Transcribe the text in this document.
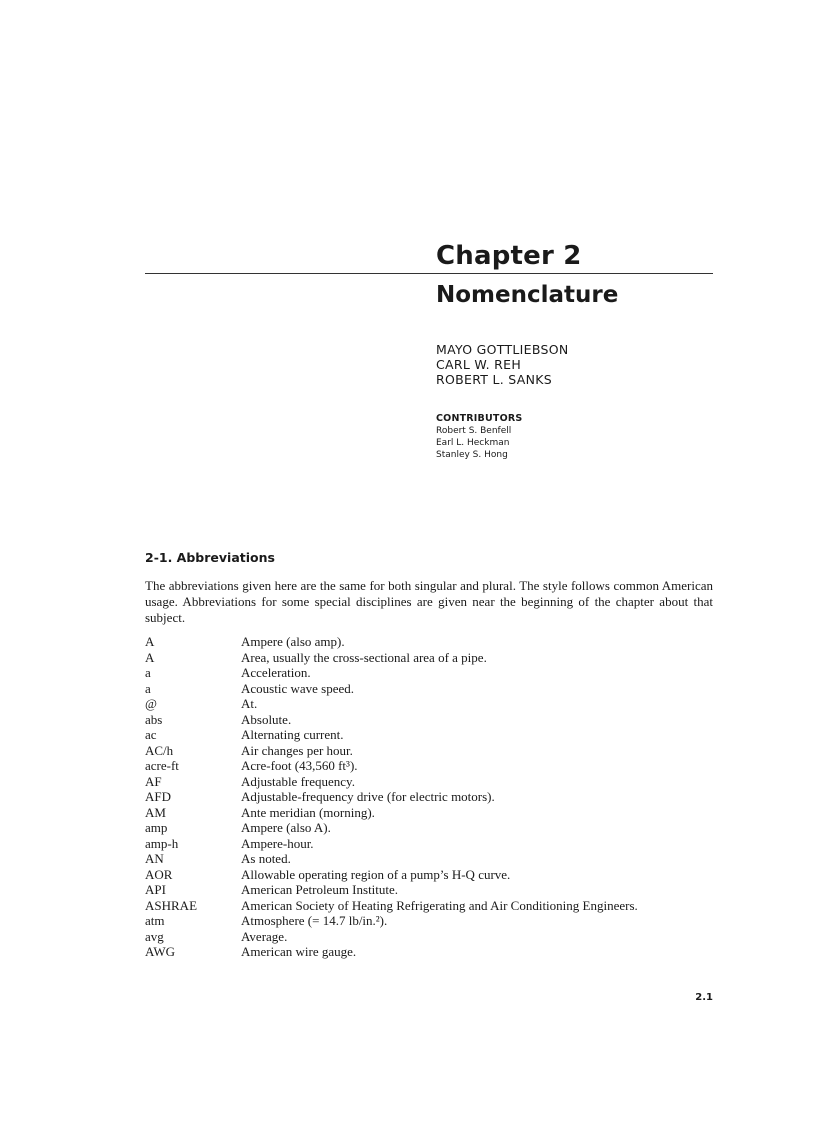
Chapter 2
Nomenclature
MAYO GOTTLIEBSON
CARL W. REH
ROBERT L. SANKS
CONTRIBUTORS
Robert S. Benfell
Earl L. Heckman
Stanley S. Hong
2-1. Abbreviations

The abbreviations given here are the same for both singular and plural. The style follows common American usage. Abbreviations for some special disciplines are given near the beginning of the chapter about that subject.

A	Ampere (also amp).
A	Area, usually the cross-sectional area of a pipe.
a	Acceleration.
a	Acoustic wave speed.
@	At.
abs	Absolute.
ac	Alternating current.
AC/h	Air changes per hour.
acre-ft	Acre-foot (43,560 ft³).
AF	Adjustable frequency.
AFD	Adjustable-frequency drive (for electric motors).
AM	Ante meridian (morning).
amp	Ampere (also A).
amp-h	Ampere-hour.
AN	As noted.
AOR	Allowable operating region of a pump’s H-Q curve.
API	American Petroleum Institute.
ASHRAE	American Society of Heating Refrigerating and Air Conditioning Engineers.
atm	Atmosphere (= 14.7 lb/in.²).
avg	Average.
AWG	American wire gauge.
2.1
